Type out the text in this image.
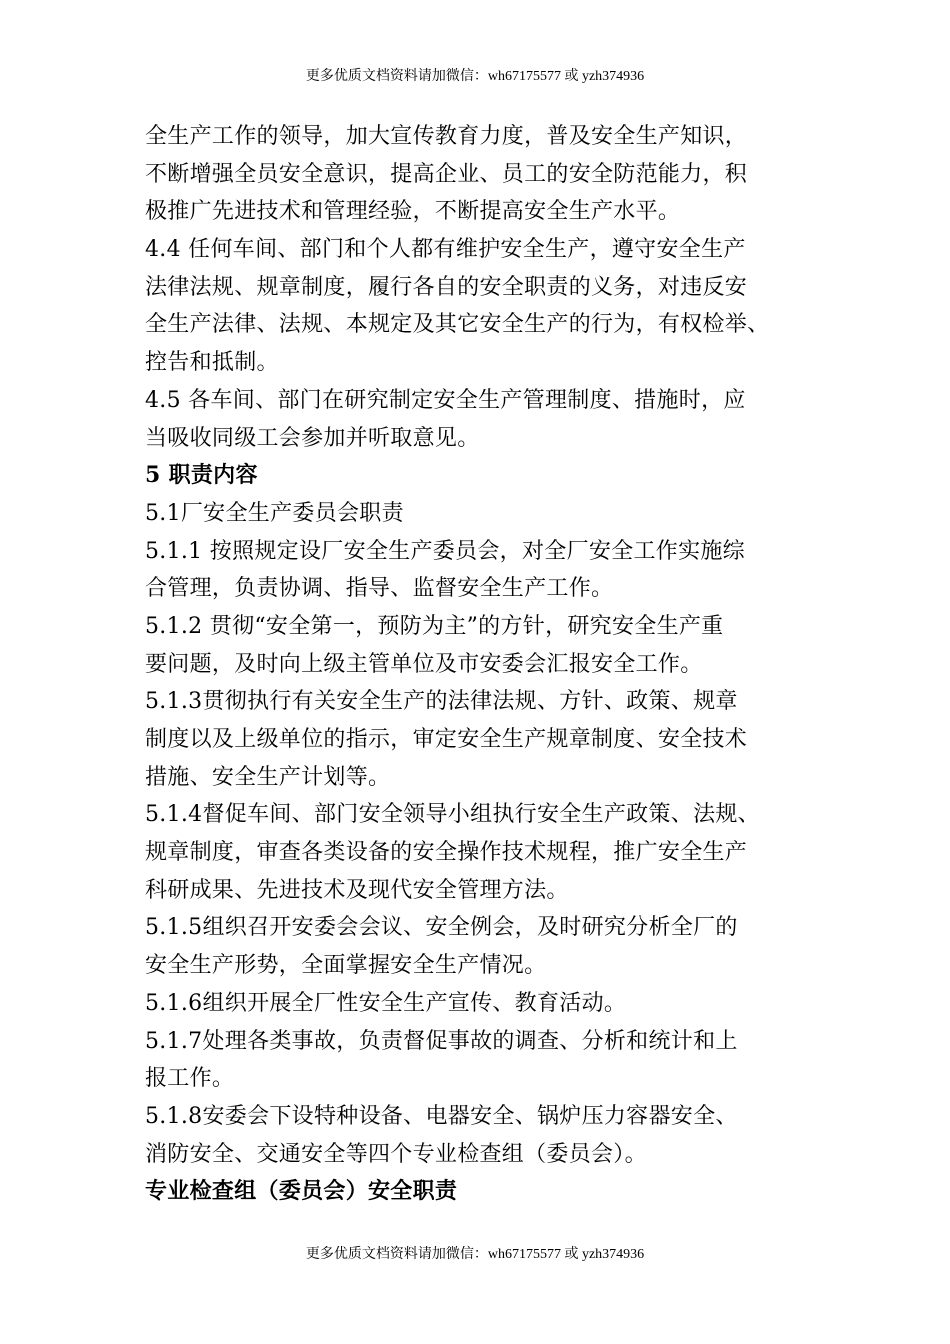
更多优质文档资料请加微信：wh67175577 或 yzh374936
全生产工作的领导，加大宣传教育力度，普及安全生产知识，
不断增强全员安全意识，提高企业、员工的安全防范能力，积
极推广先进技术和管理经验，不断提高安全生产水平。
4.4 任何车间、部门和个人都有维护安全生产，遵守安全生产
法律法规、规章制度，履行各自的安全职责的义务，对违反安
全生产法律、法规、本规定及其它安全生产的行为，有权检举、
控告和抵制。
4.5 各车间、部门在研究制定安全生产管理制度、措施时，应
当吸收同级工会参加并听取意见。
5 职责内容
5.1厂安全生产委员会职责
5.1.1 按照规定设厂安全生产委员会，对全厂安全工作实施综
合管理，负责协调、指导、监督安全生产工作。
5.1.2 贯彻“安全第一，预防为主”的方针，研究安全生产重
要问题，及时向上级主管单位及市安委会汇报安全工作。
5.1.3贯彻执行有关安全生产的法律法规、方针、政策、规章
制度以及上级单位的指示，审定安全生产规章制度、安全技术
措施、安全生产计划等。
5.1.4督促车间、部门安全领导小组执行安全生产政策、法规、
规章制度，审查各类设备的安全操作技术规程，推广安全生产
科研成果、先进技术及现代安全管理方法。
5.1.5组织召开安委会会议、安全例会，及时研究分析全厂的
安全生产形势，全面掌握安全生产情况。
5.1.6组织开展全厂性安全生产宣传、教育活动。
5.1.7处理各类事故，负责督促事故的调查、分析和统计和上
报工作。
5.1.8安委会下设特种设备、电器安全、锅炉压力容器安全、
消防安全、交通安全等四个专业检查组（委员会）。
专业检查组（委员会）安全职责
更多优质文档资料请加微信：wh67175577 或 yzh374936
